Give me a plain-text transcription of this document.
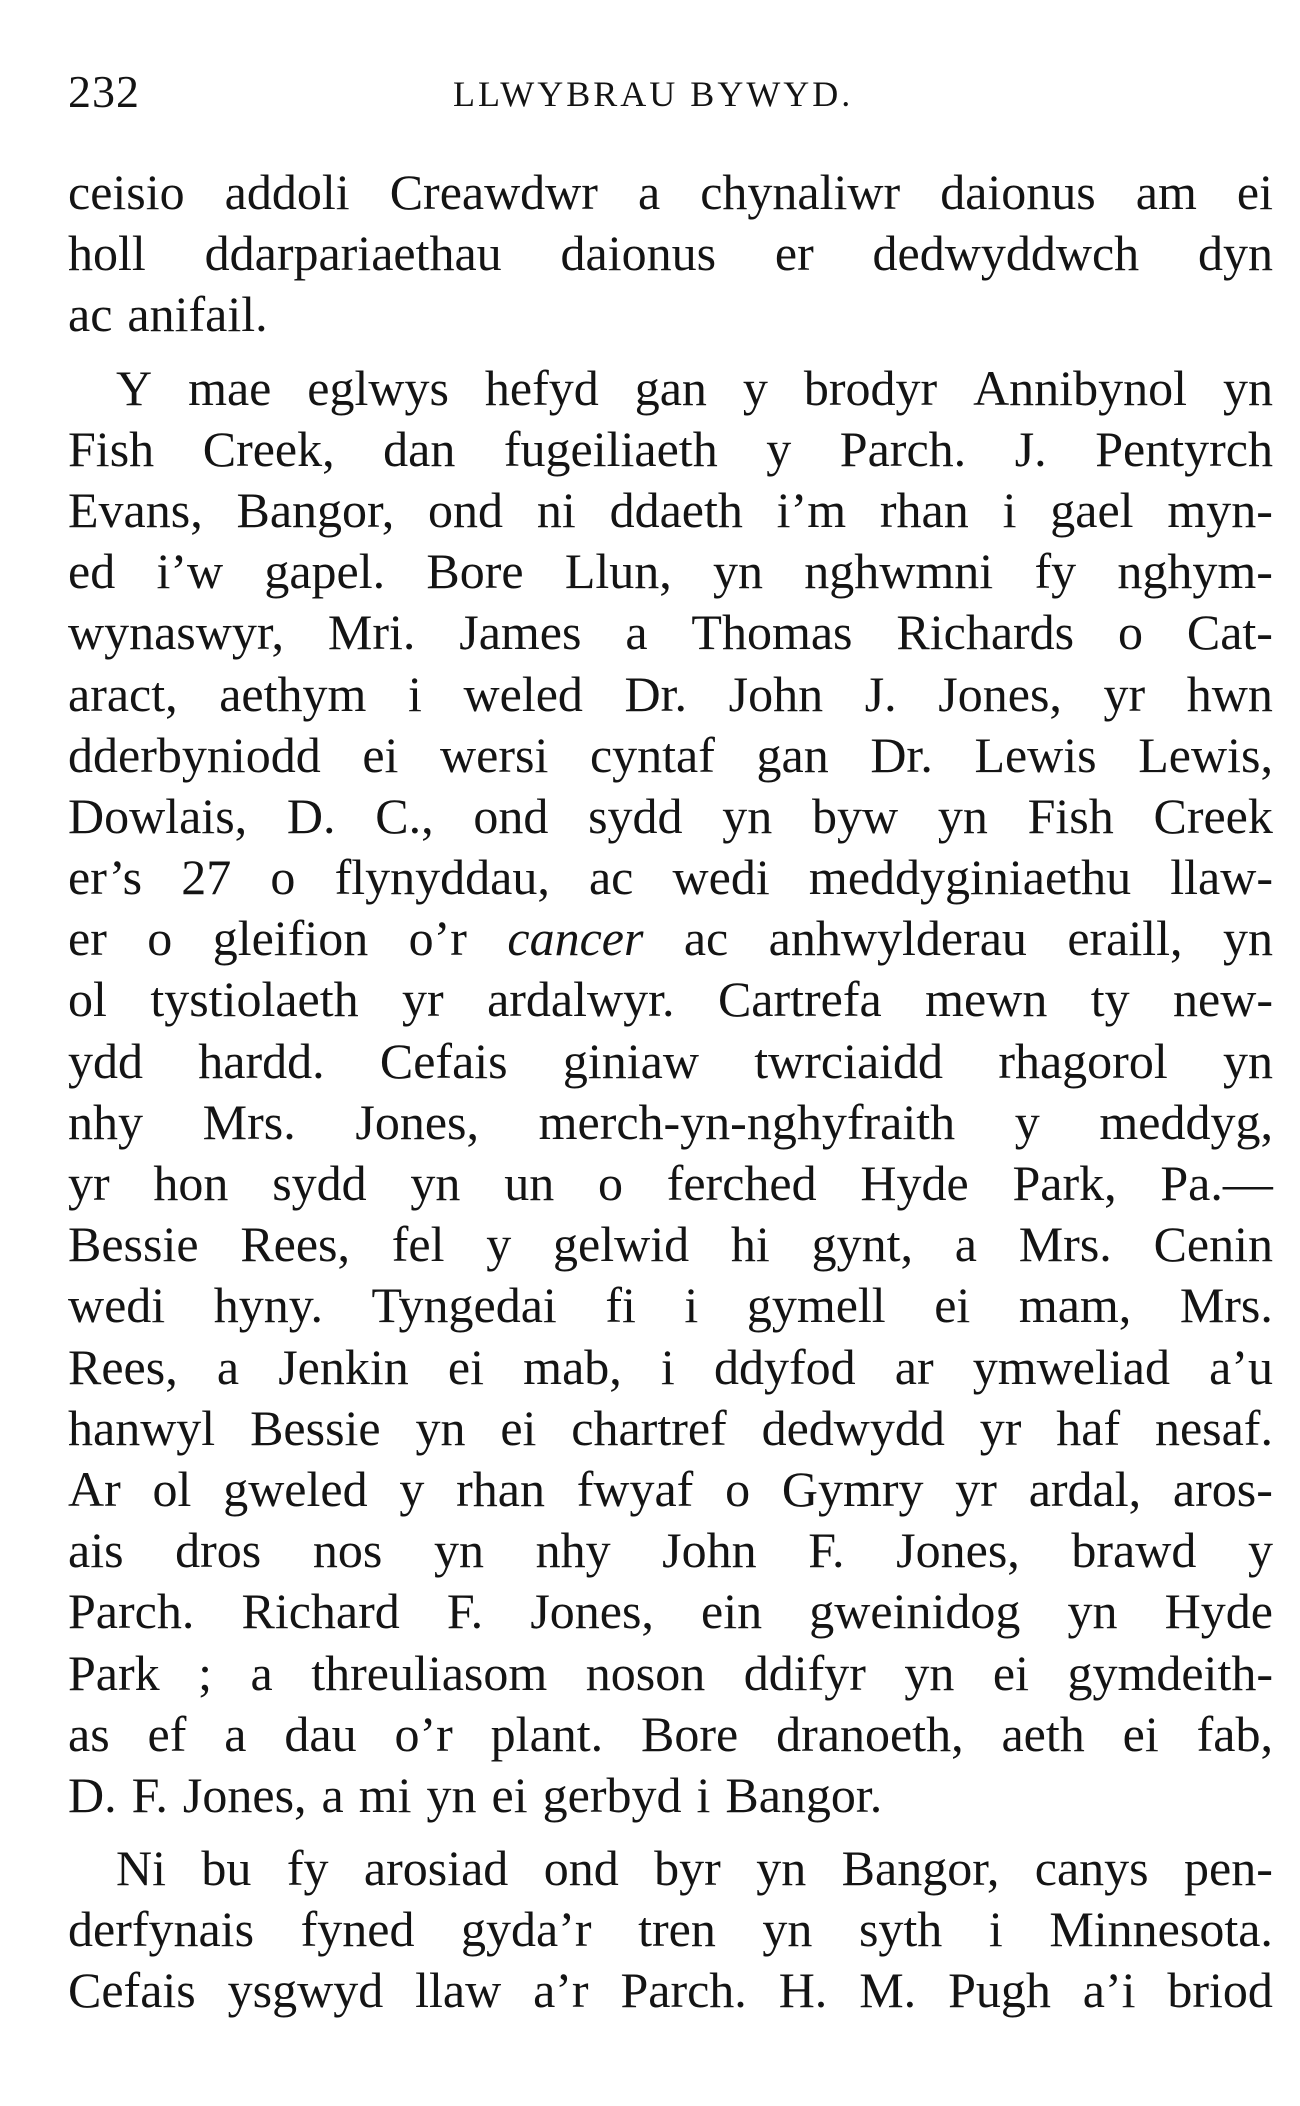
232	LLWYBRAU BYWYD.
ceisio addoli Creawdwr a chynaliwr daionus am ei
holl ddarpariaethau daionus er dedwyddwch dyn
ac anifail.
Y mae eglwys hefyd gan y brodyr Annibynol yn
Fish Creek, dan fugeiliaeth y Parch. J. Pentyrch
Evans, Bangor, ond ni ddaeth i’m rhan i gael myn-
ed i’w gapel. Bore Llun, yn nghwmni fy nghym-
wynaswyr, Mri. James a Thomas Richards o Cat-
aract, aethym i weled Dr. John J. Jones, yr hwn
dderbyniodd ei wersi cyntaf gan Dr. Lewis Lewis,
Dowlais, D. C., ond sydd yn byw yn Fish Creek
er’s 27 o flynyddau, ac wedi meddyginiaethu llaw-
er o gleifion o’r cancer ac anhwylderau eraill, yn
ol tystiolaeth yr ardalwyr. Cartrefa mewn ty new-
ydd hardd. Cefais giniaw twrciaidd rhagorol yn
nhy Mrs. Jones, merch-yn-nghyfraith y meddyg,
yr hon sydd yn un o ferched Hyde Park, Pa.—
Bessie Rees, fel y gelwid hi gynt, a Mrs. Cenin
wedi hyny. Tyngedai fi i gymell ei mam, Mrs.
Rees, a Jenkin ei mab, i ddyfod ar ymweliad a’u
hanwyl Bessie yn ei chartref dedwydd yr haf nesaf.
Ar ol gweled y rhan fwyaf o Gymry yr ardal, aros-
ais dros nos yn nhy John F. Jones, brawd y
Parch. Richard F. Jones, ein gweinidog yn Hyde
Park ; a threuliasom noson ddifyr yn ei gymdeith-
as ef a dau o’r plant. Bore dranoeth, aeth ei fab,
D. F. Jones, a mi yn ei gerbyd i Bangor.
Ni bu fy arosiad ond byr yn Bangor, canys pen-
derfynais fyned gyda’r tren yn syth i Minnesota.
Cefais ysgwyd llaw a’r Parch. H. M. Pugh a’i briod
